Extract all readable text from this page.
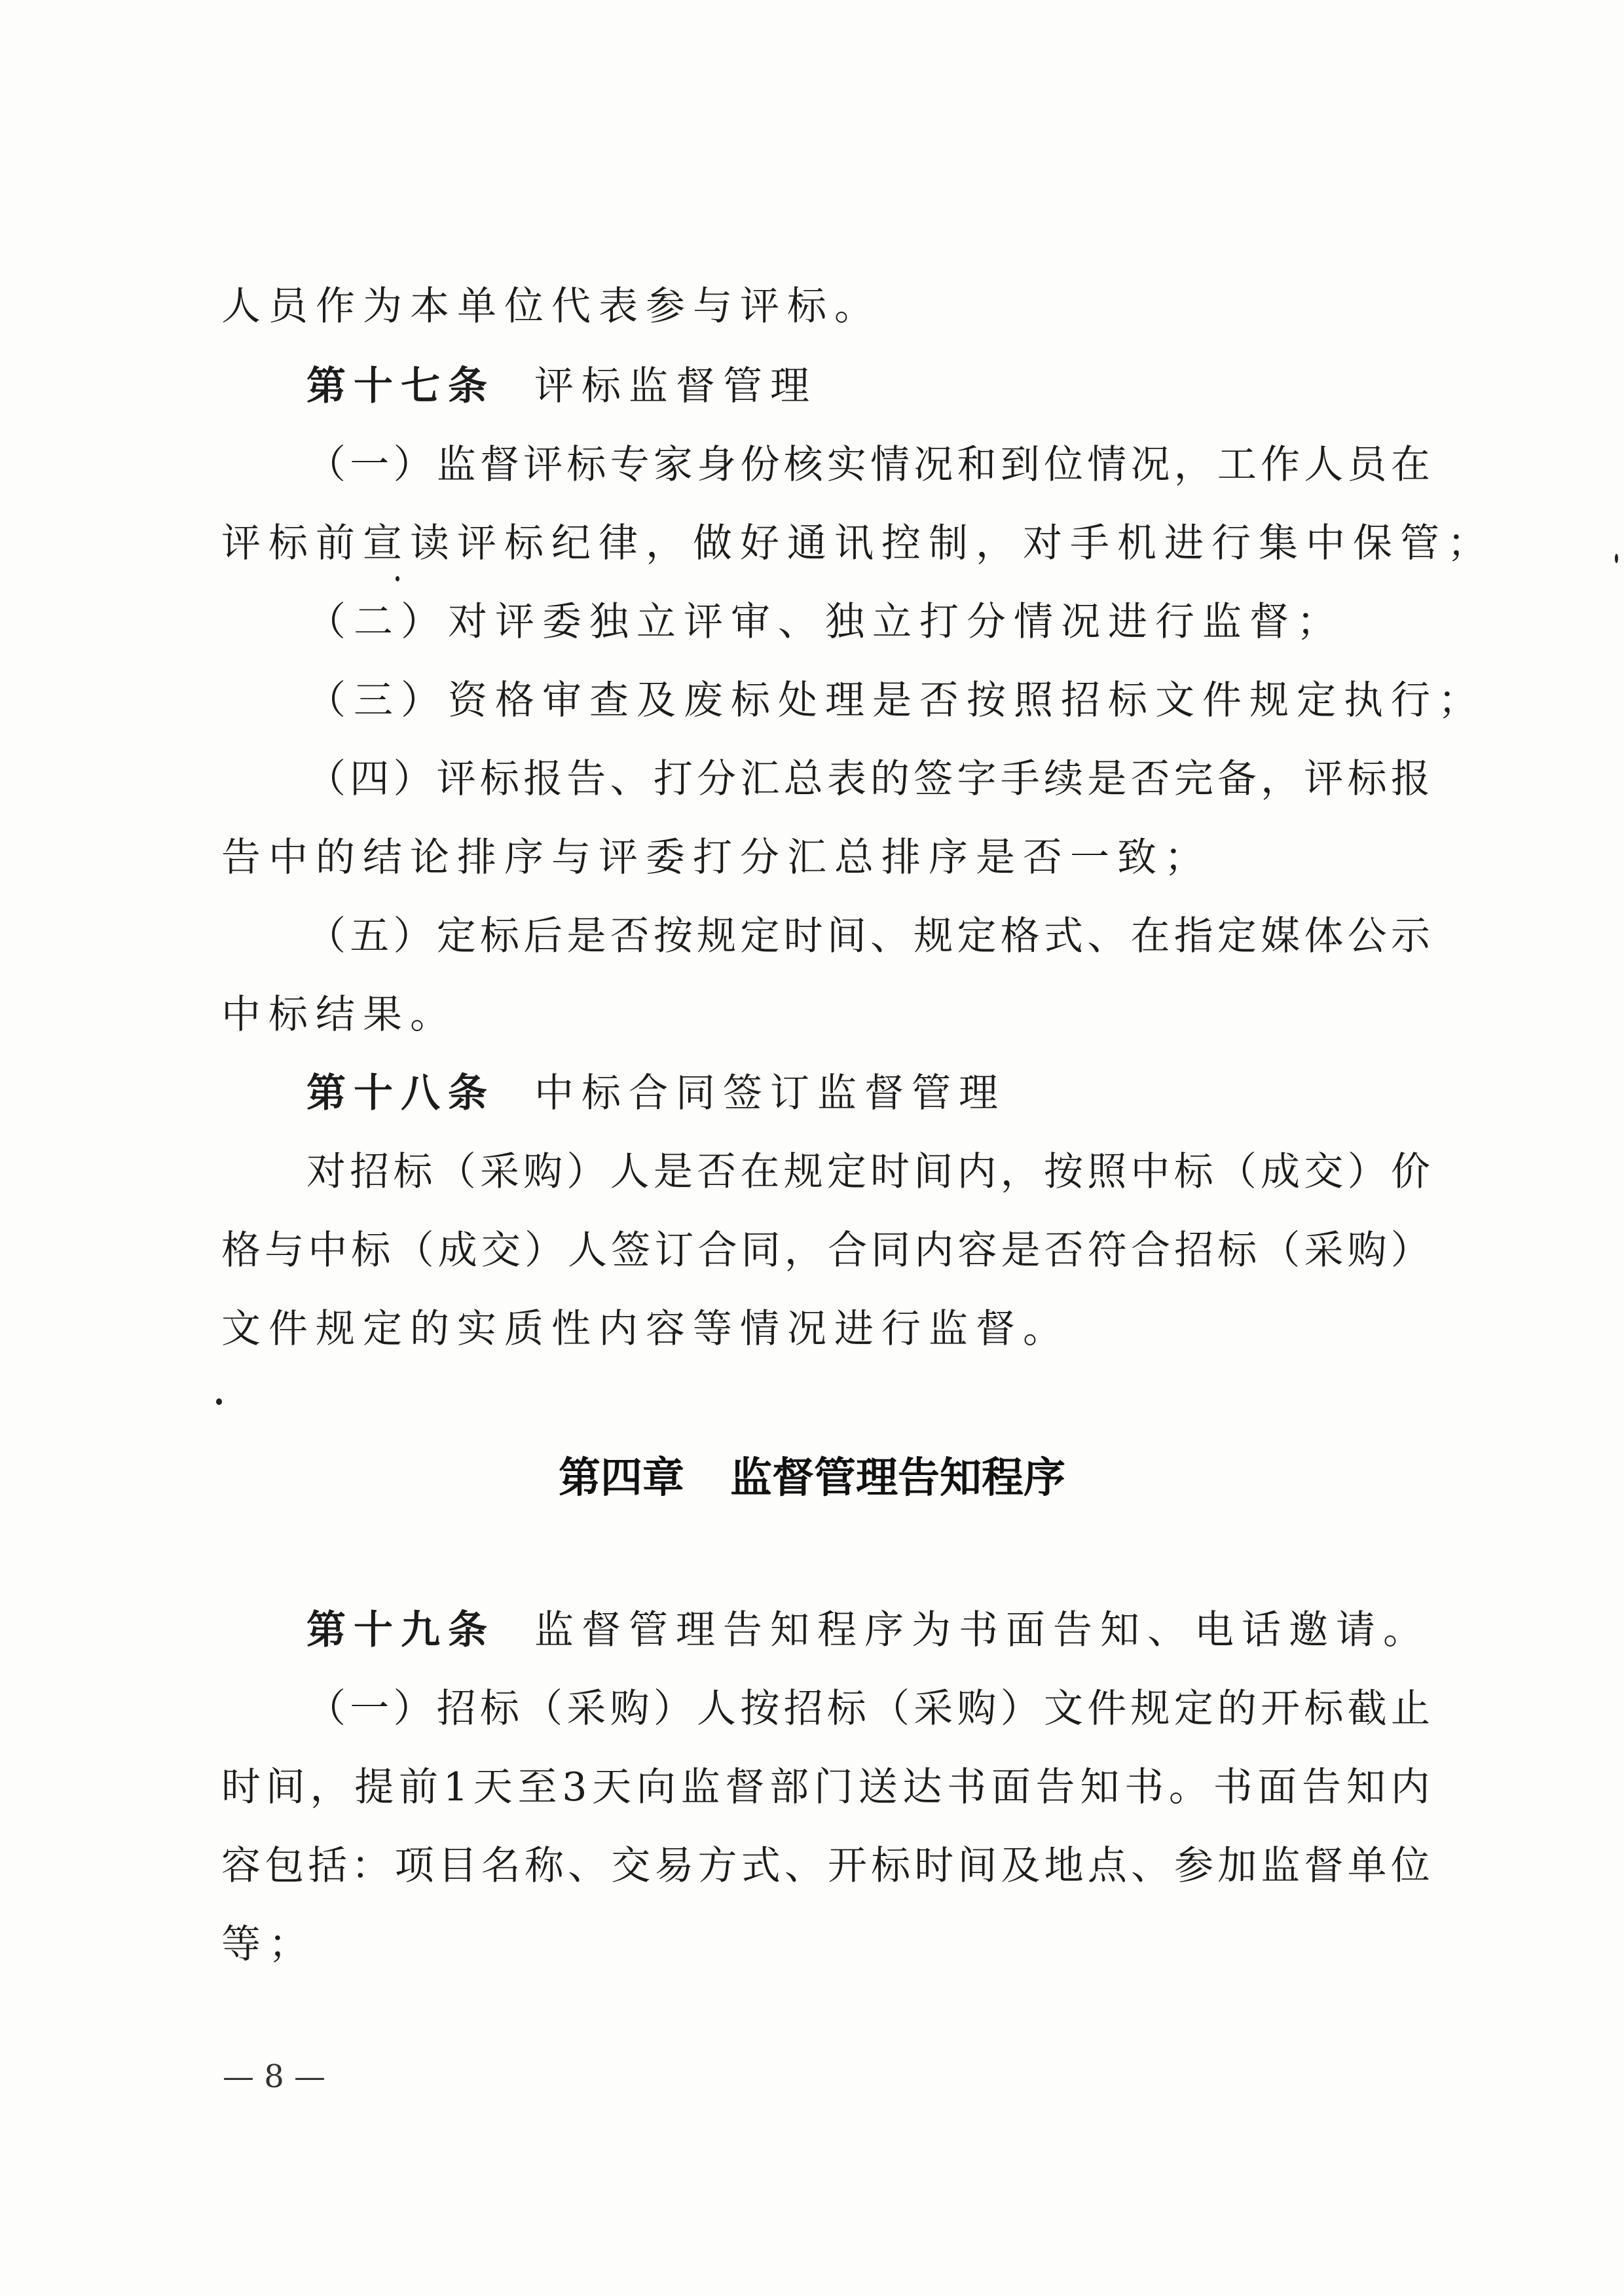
人员作为本单位代表参与评标。
第十七条 评标监督管理
（ 一 ） 监 督 评 标 专 家 身 份 核 实 情 况 和 到 位 情 况 ， 工 作 人 员 在
评标前宣读评标纪律，做好通讯控制，对手机进行集中保管；
（二）对评委独立评审、独立打分情况进行监督；
（三）资格审查及废标处理是否按照招标文件规定执行；
（ 四 ） 评 标 报 告 、 打 分 汇 总 表 的 签 字 手 续 是 否 完 备 ， 评 标 报
告中的结论排序与评委打分汇总排序是否一致；
（ 五 ） 定 标 后 是 否 按 规 定 时 间 、 规 定 格 式 、 在 指 定 媒 体 公 示
中标结果。
第十八条 中标合同签订监督管理
对 招 标 （ 采 购 ） 人 是 否 在 规 定 时 间 内 ， 按 照 中 标 （ 成 交 ） 价
格 与 中 标 （ 成 交 ） 人 签 订 合 同 ， 合 同 内 容 是 否 符 合 招 标 （ 采 购 ）
文件规定的实质性内容等情况进行监督。
第十九条 监督管理告知程序为书面告知、电话邀请。
（ 一 ） 招 标 （ 采 购 ） 人 按 招 标 （ 采 购 ） 文 件 规 定 的 开 标 截 止
时 间 ， 提 前 1 天 至 3 天 向 监 督 部 门 送 达 书 面 告 知 书 。 书 面 告 知 内
容 包 括 ： 项 目 名 称 、 交 易 方 式 、 开 标 时 间 及 地 点 、 参 加 监 督 单 位
等；
第四章 监督管理告知程序
— 8 —
